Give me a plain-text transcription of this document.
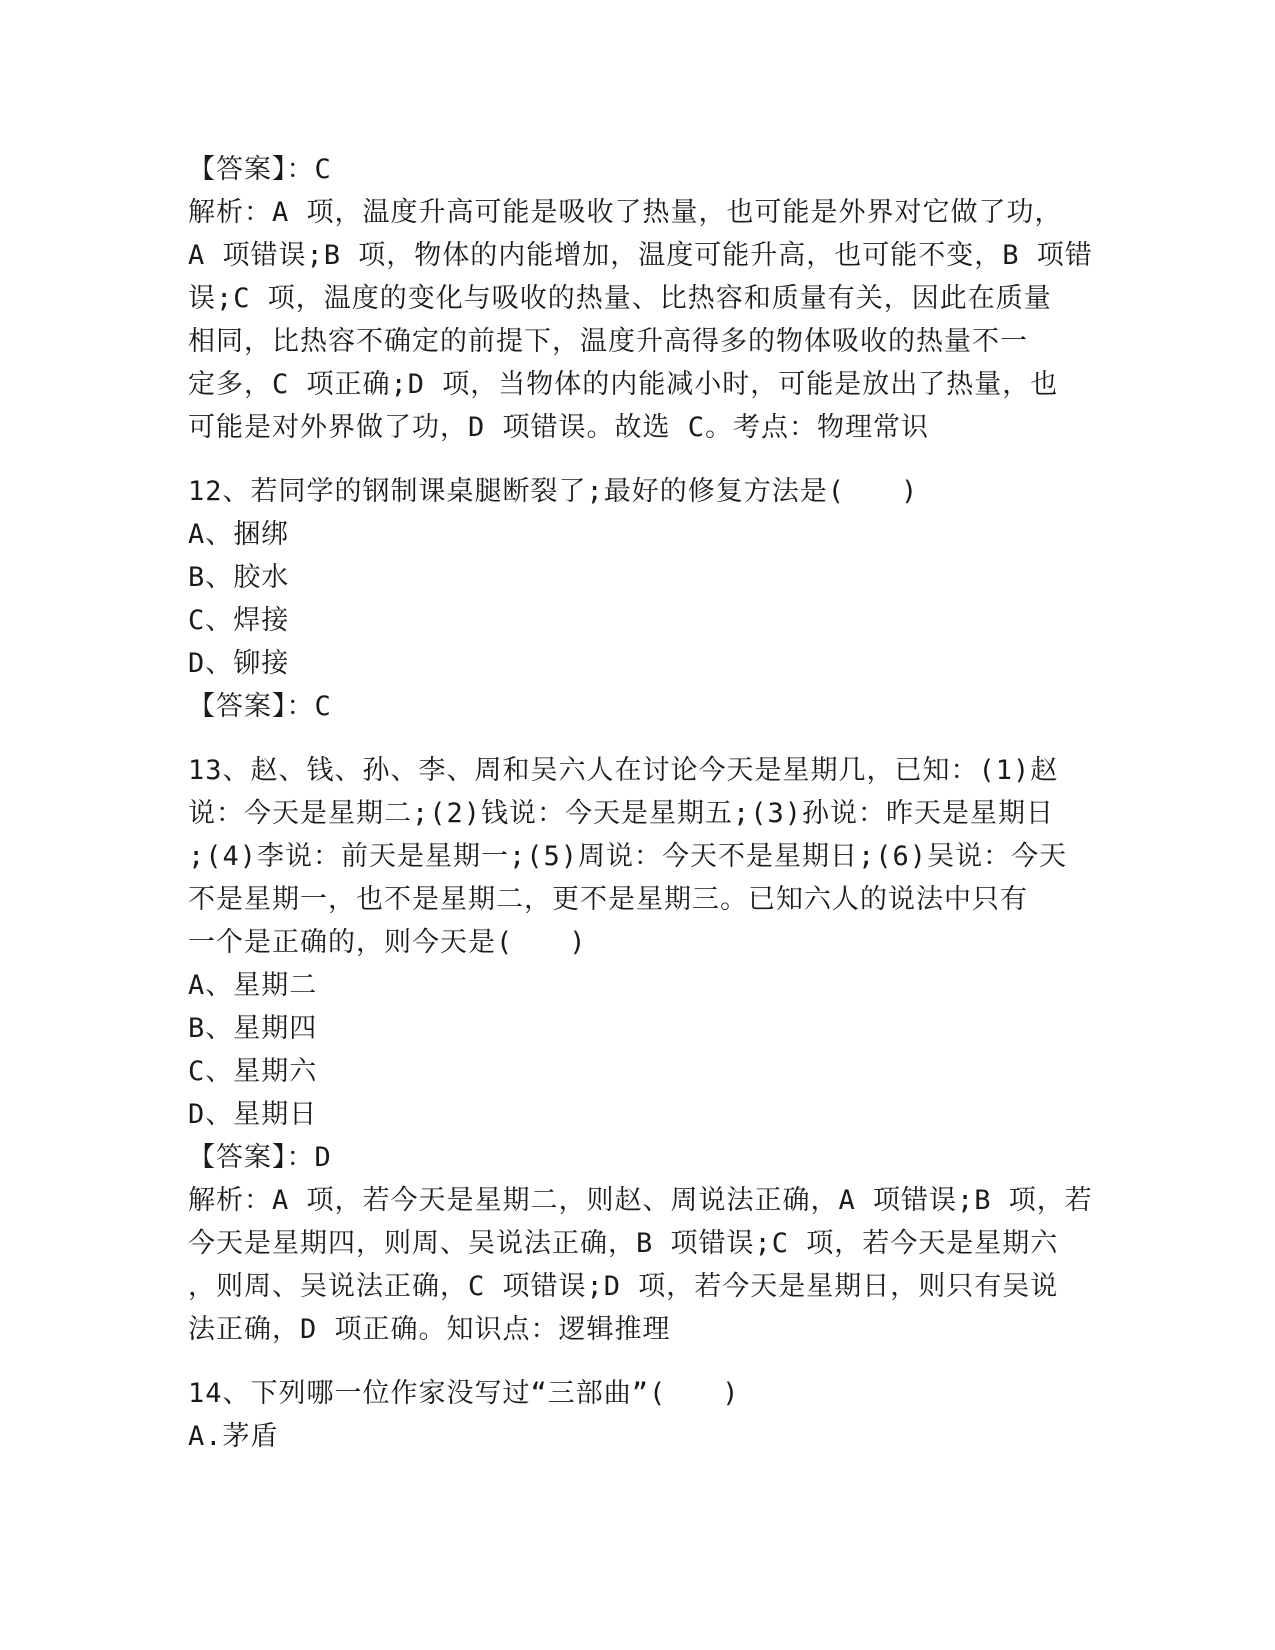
【答案】：C
解析：A 项，温度升高可能是吸收了热量，也可能是外界对它做了功，
A 项错误;B 项，物体的内能增加，温度可能升高，也可能不变，B 项错
误;C 项，温度的变化与吸收的热量、比热容和质量有关，因此在质量
相同，比热容不确定的前提下，温度升高得多的物体吸收的热量不一
定多，C 项正确;D 项，当物体的内能减小时，可能是放出了热量，也
可能是对外界做了功，D 项错误。故选 C。考点：物理常识
12、若同学的钢制课桌腿断裂了;最好的修复方法是(　　)
A、捆绑
B、胶水
C、焊接
D、铆接
【答案】：C
13、赵、钱、孙、李、周和吴六人在讨论今天是星期几，已知：(1)赵
说：今天是星期二;(2)钱说：今天是星期五;(3)孙说：昨天是星期日
;(4)李说：前天是星期一;(5)周说：今天不是星期日;(6)吴说：今天
不是星期一，也不是星期二，更不是星期三。已知六人的说法中只有
一个是正确的，则今天是(　　)
A、星期二
B、星期四
C、星期六
D、星期日
【答案】：D
解析：A 项，若今天是星期二，则赵、周说法正确，A 项错误;B 项，若
今天是星期四，则周、吴说法正确，B 项错误;C 项，若今天是星期六
，则周、吴说法正确，C 项错误;D 项，若今天是星期日，则只有吴说
法正确，D 项正确。知识点：逻辑推理
14、下列哪一位作家没写过“三部曲”(　　)
A.茅盾
